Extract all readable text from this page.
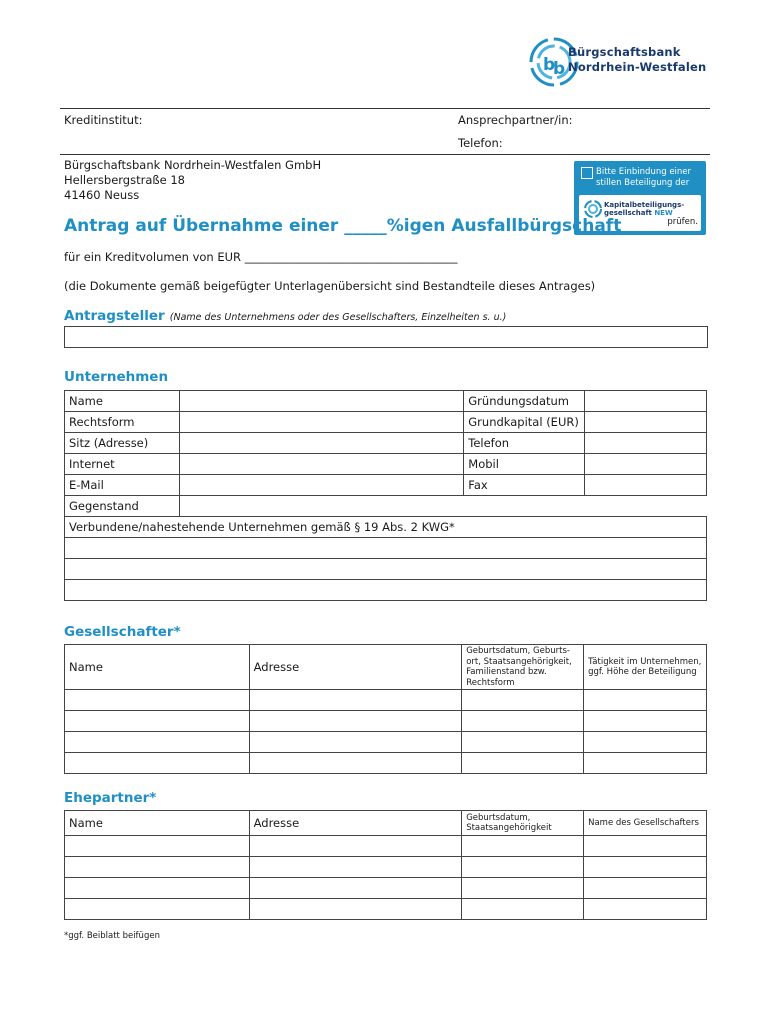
b
b
Bürgschaftsbank
Nordrhein-Westfalen
Kreditinstitut:	Ansprechpartner/in:
Telefon:
Bürgschaftsbank Nordrhein-Westfalen GmbH
Hellersbergstraße 18
41460 Neuss
Bitte Einbindung einer
stillen Beteiligung der
Kapitalbeteiligungs-
gesellschaft NEW
prüfen.
Antrag auf Übernahme einer _____%igen Ausfallbürgschaft
für ein Kreditvolumen von EUR _____________________________________
(die Dokumente gemäß beigefügter Unterlagenübersicht sind Bestandteile dieses Antrages)
Antragsteller (Name des Unternehmens oder des Gesellschafters, Einzelheiten s. u.)
Unternehmen
Name		Gründungsdatum	
Rechtsform		Grundkapital (EUR)	
Sitz (Adresse)		Telefon	
Internet		Mobil	
E-Mail		Fax	
Gegenstand			
Verbundene/nahestehende Unternehmen gemäß § 19 Abs. 2 KWG*			

Gesellschafter*
Name	Adresse	Geburtsdatum, Geburts-ort, Staatsangehörigkeit, Familienstand bzw. Rechtsform	Tätigkeit im Unternehmen, ggf. Höhe der Beteiligung

Ehepartner*
Name	Adresse	Geburtsdatum, Staatsangehörigkeit	Name des Gesellschafters

*ggf. Beiblatt beifügen
